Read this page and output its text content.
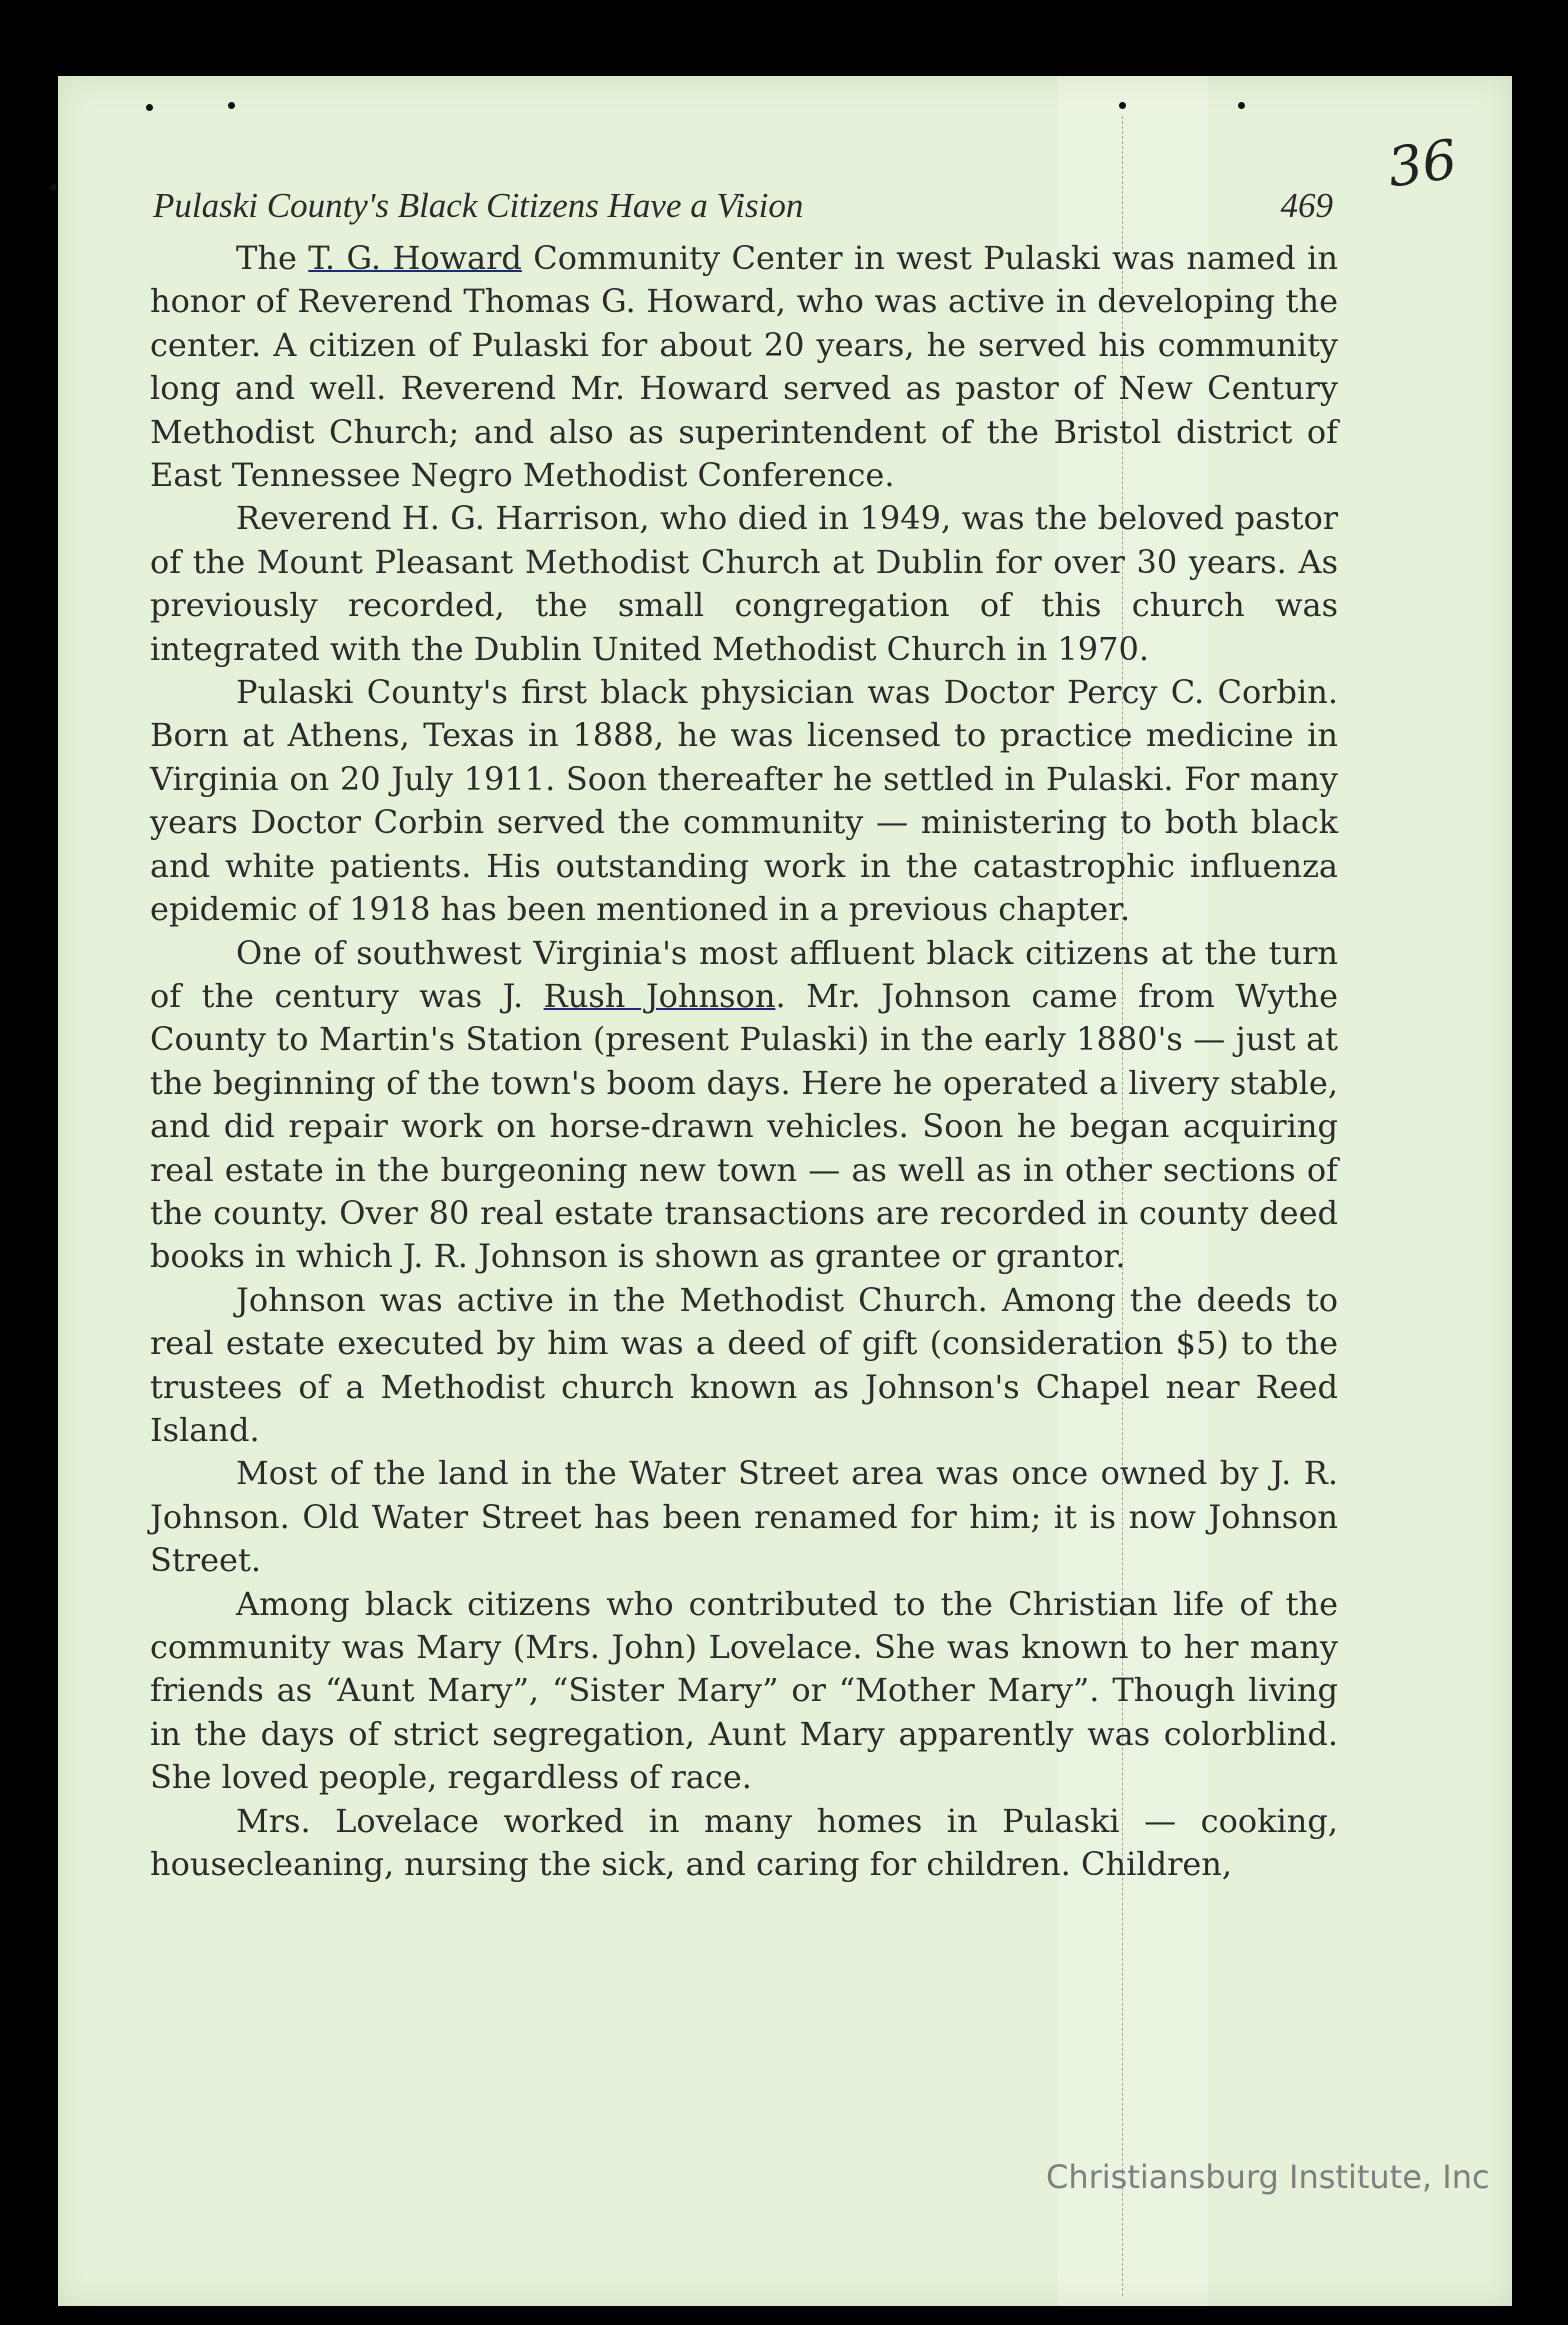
36
Pulaski County's Black Citizens Have a Vision	469

The T. G. Howard Community Center in west Pulaski was named in honor of Reverend Thomas G. Howard, who was active in developing the center. A citizen of Pulaski for about 20 years, he served his community long and well. Reverend Mr. Howard served as pastor of New Century Methodist Church; and also as superintendent of the Bristol district of East Tennessee Negro Methodist Conference.

Reverend H. G. Harrison, who died in 1949, was the beloved pastor of the Mount Pleasant Methodist Church at Dublin for over 30 years. As previously recorded, the small congregation of this church was integrated with the Dublin United Methodist Church in 1970.

Pulaski County's first black physician was Doctor Percy C. Corbin. Born at Athens, Texas in 1888, he was licensed to practice medicine in Virginia on 20 July 1911. Soon thereafter he settled in Pulaski. For many years Doctor Corbin served the community — ministering to both black and white patients. His outstanding work in the catastrophic influenza epidemic of 1918 has been mentioned in a previous chapter.

One of southwest Virginia's most affluent black citizens at the turn of the century was J. Rush Johnson. Mr. Johnson came from Wythe County to Martin's Station (present Pulaski) in the early 1880's — just at the beginning of the town's boom days. Here he operated a livery stable, and did repair work on horse-drawn vehicles. Soon he began acquiring real estate in the burgeoning new town — as well as in other sections of the county. Over 80 real estate transactions are recorded in county deed books in which J. R. Johnson is shown as grantee or grantor.

Johnson was active in the Methodist Church. Among the deeds to real estate executed by him was a deed of gift (consideration $5) to the trustees of a Methodist church known as Johnson's Chapel near Reed Island.

Most of the land in the Water Street area was once owned by J. R. Johnson. Old Water Street has been renamed for him; it is now Johnson Street.

Among black citizens who contributed to the Christian life of the community was Mary (Mrs. John) Lovelace. She was known to her many friends as “Aunt Mary”, “Sister Mary” or “Mother Mary”. Though living in the days of strict segregation, Aunt Mary apparently was colorblind. She loved people, regardless of race.

Mrs. Lovelace worked in many homes in Pulaski — cooking, housecleaning, nursing the sick, and caring for children. Children,

Christiansburg Institute, Inc
